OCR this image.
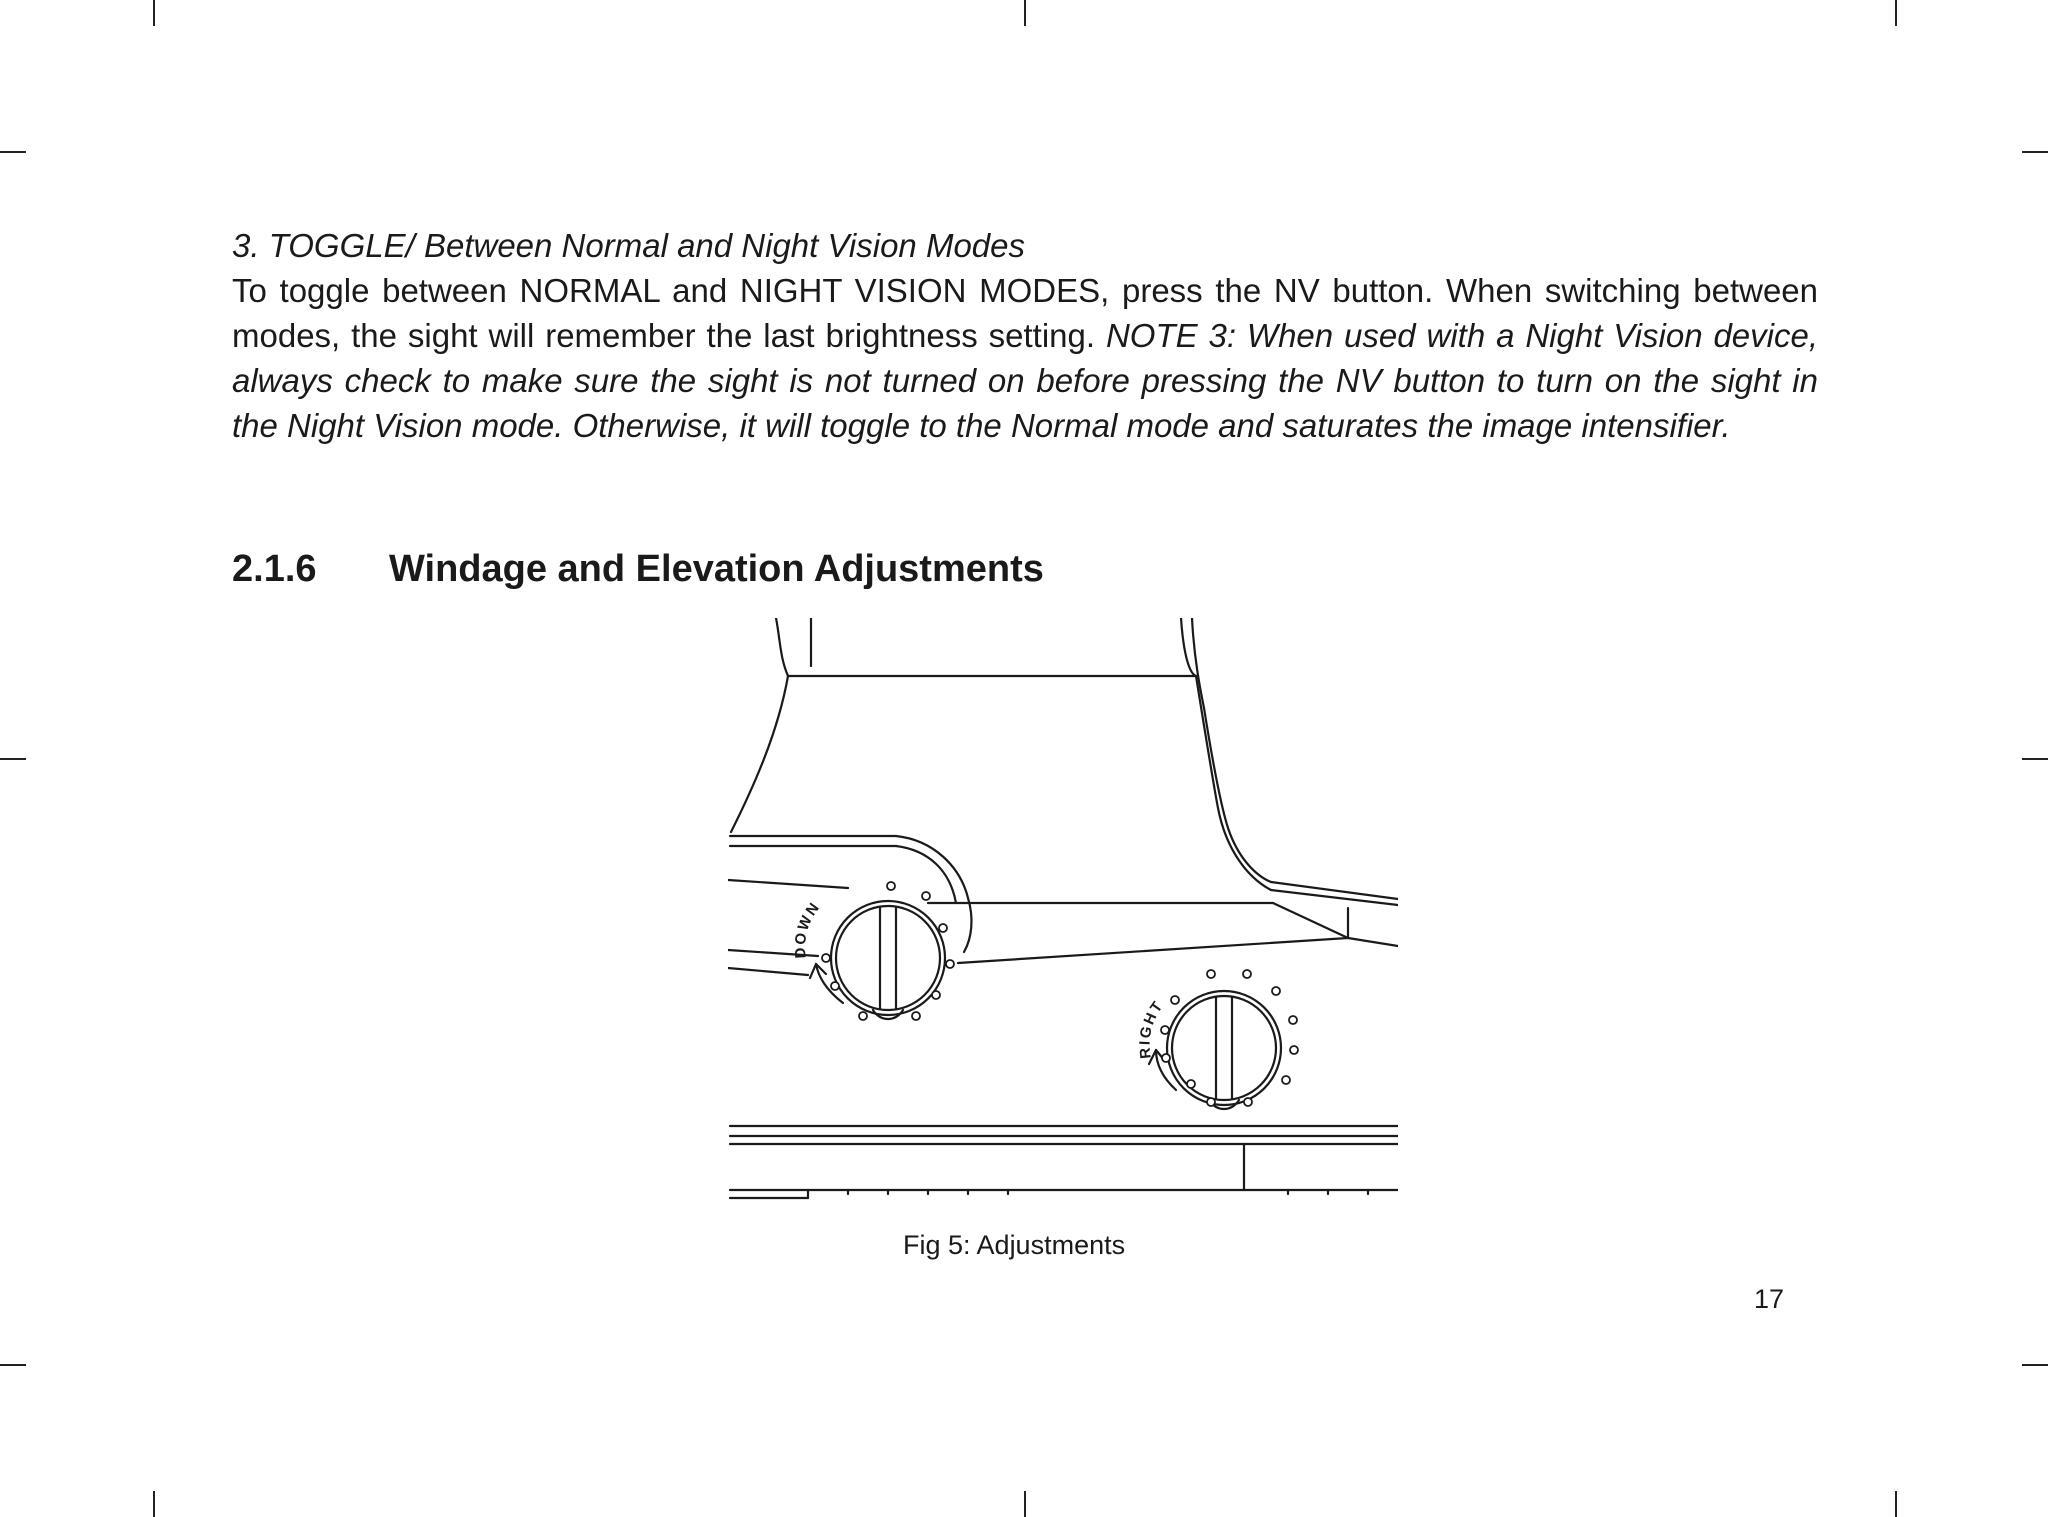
3. TOGGLE/ Between Normal and Night Vision Modes

To toggle between NORMAL and NIGHT VISION MODES, press the NV button. When switching between modes, the sight will remember the last brightness setting. NOTE 3: When used with a Night Vision device, always check to make sure the sight is not turned on before pressing the NV button to turn on the sight in the Night Vision mode. Otherwise, it will toggle to the Normal mode and saturates the image intensifier.

2.1.6 Windage and Elevation Adjustments
DOWN
RIGHT
Fig 5: Adjustments
17
